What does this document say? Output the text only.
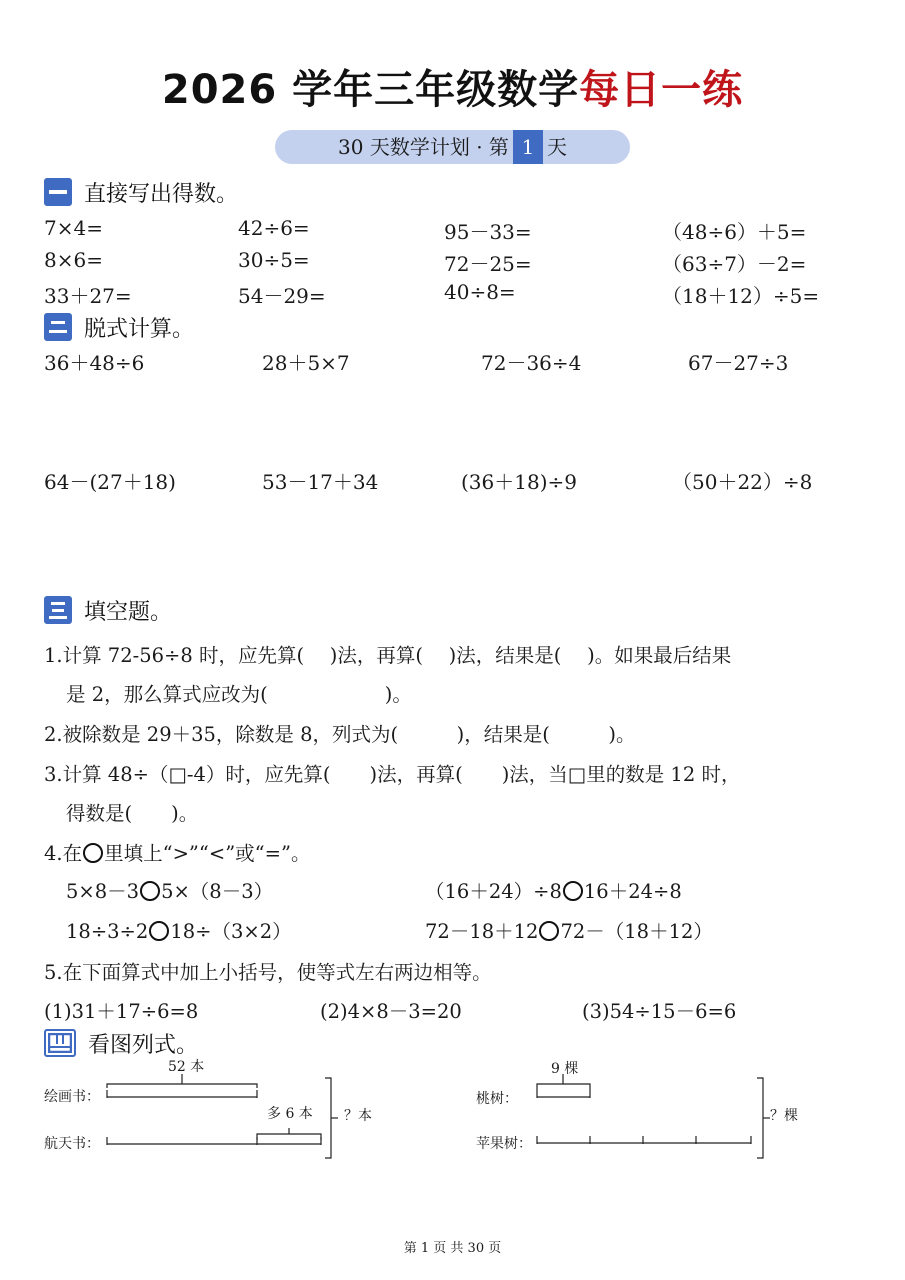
2026 学年三年级数学每日一练
30 天数学计划 · 第 1 天
直接写出得数。
7×4=	42÷6=	95－33=	（48÷6）＋5=
8×6=	30÷5=	72－25=	（63÷7）－2=
33＋27=	54－29=	40÷8=	（18＋12）÷5=
脱式计算。
36＋48÷6	28＋5×7	72－36÷4	67－27÷3
64－(27＋18)	53－17＋34	(36＋18)÷9	（50＋22）÷8
填空题。
1.计算 72-56÷8 时，应先算(　 )法，再算(　 )法，结果是(　 )。如果最后结果
是 2，那么算式应改为(　　　　　　)。
2.被除数是 29＋35，除数是 8，列式为(　　　)，结果是(　　　)。
3.计算 48÷（□-4）时，应先算(　　)法，再算(　　)法，当□里的数是 12 时，
得数是(　　)。
4.在 里填上“>”“<”或“=”。
5×8－3 5×（8－3）	（16＋24）÷8 16＋24÷8
18÷3÷2 18÷（3×2）	72－18＋12 72－（18＋12）
5.在下面算式中加上小括号，使等式左右两边相等。
(1)31＋17÷6=8	(2)4×8－3=20	(3)54÷15－6=6
看图列式。
52 本
绘画书：
航天书：
多 6 本 ？本
9 棵
桃树：
苹果树：
？棵
第 1 页 共 30 页
